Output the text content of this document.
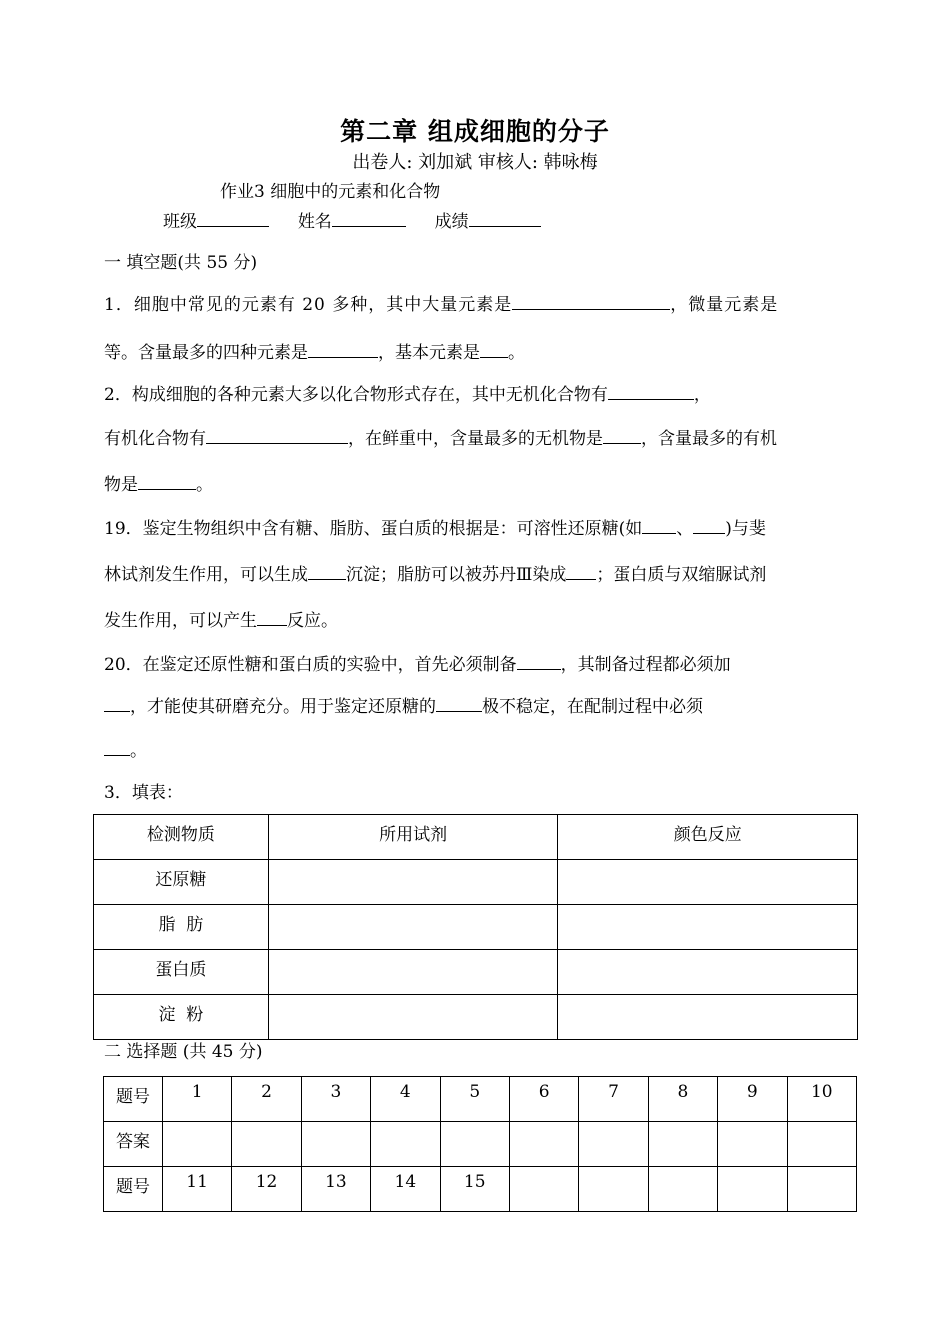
第二章 组成细胞的分子
出卷人: 刘加斌 审核人: 韩咏梅
作业3 细胞中的元素和化合物
班级	姓名	成绩
一 填空题(共 55 分)
1．细胞中常见的元素有 20 多种，其中大量元素是	，微量元素是
等。含量最多的四种元素是	，基本元素是 。
2．构成细胞的各种元素大多以化合物形式存在，其中无机化合物有	，
有机化合物有	，在鲜重中，含量最多的无机物是 ，含量最多的有机
物是	。
19．鉴定生物组织中含有糖、脂肪、蛋白质的根据是：可溶性还原糖(如 、 )与斐
林试剂发生作用，可以生成 沉淀；脂肪可以被苏丹Ⅲ染成 ；蛋白质与双缩脲试剂
发生作用，可以产生 反应。
20．在鉴定还原性糖和蛋白质的实验中，首先必须制备	，其制备过程都必须加
，才能使其研磨充分。用于鉴定还原糖的	极不稳定，在配制过程中必须
。
3．填表：
检测物质	所用试剂	颜色反应
还原糖		
脂  肪		
蛋白质		
淀  粉		
二 选择题 (共 45 分)
题号	1	2	3	4	5	6	7	8	9	10
答案										
题号	11	12	13	14	15					
